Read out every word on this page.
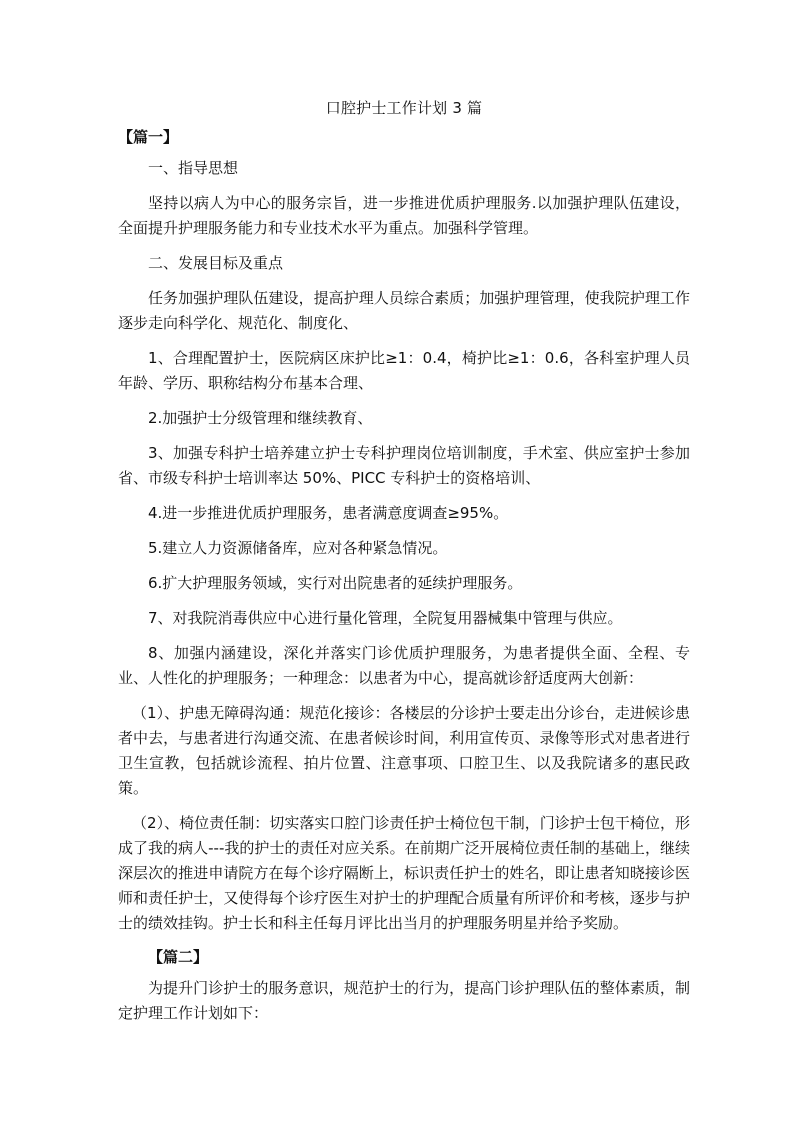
口腔护士工作计划 3 篇
【篇一】

一、指导思想

坚持以病人为中心的服务宗旨，进一步推进优质护理服务.以加强护理队伍建设，全面提升护理服务能力和专业技术水平为重点。加强科学管理。

二、发展目标及重点

任务加强护理队伍建设，提高护理人员综合素质；加强护理管理，使我院护理工作逐步走向科学化、规范化、制度化、

1、合理配置护士，医院病区床护比≥1：0.4，椅护比≥1：0.6，各科室护理人员年龄、学历、职称结构分布基本合理、

2.加强护士分级管理和继续教育、

3、加强专科护士培养建立护士专科护理岗位培训制度，手术室、供应室护士参加省、市级专科护士培训率达 50%、PICC 专科护士的资格培训、

4.进一步推进优质护理服务，患者满意度调查≥95%。

5.建立人力资源储备库，应对各种紧急情况。

6.扩大护理服务领域，实行对出院患者的延续护理服务。

7、对我院消毒供应中心进行量化管理，全院复用器械集中管理与供应。

8、加强内涵建设，深化并落实门诊优质护理服务，为患者提供全面、全程、专业、人性化的护理服务；一种理念：以患者为中心，提高就诊舒适度两大创新：

（1）、护患无障碍沟通：规范化接诊：各楼层的分诊护士要走出分诊台，走进候诊患者中去，与患者进行沟通交流、在患者候诊时间，利用宣传页、录像等形式对患者进行卫生宣教，包括就诊流程、拍片位置、注意事项、口腔卫生、以及我院诸多的惠民政策。

（2）、椅位责任制：切实落实口腔门诊责任护士椅位包干制，门诊护士包干椅位，形成了我的病人---我的护士的责任对应关系。在前期广泛开展椅位责任制的基础上，继续深层次的推进申请院方在每个诊疗隔断上，标识责任护士的姓名，即让患者知晓接诊医师和责任护士，又使得每个诊疗医生对护士的护理配合质量有所评价和考核，逐步与护士的绩效挂钩。护士长和科主任每月评比出当月的护理服务明星并给予奖励。

【篇二】

为提升门诊护士的服务意识，规范护士的行为，提高门诊护理队伍的整体素质，制定护理工作计划如下：
